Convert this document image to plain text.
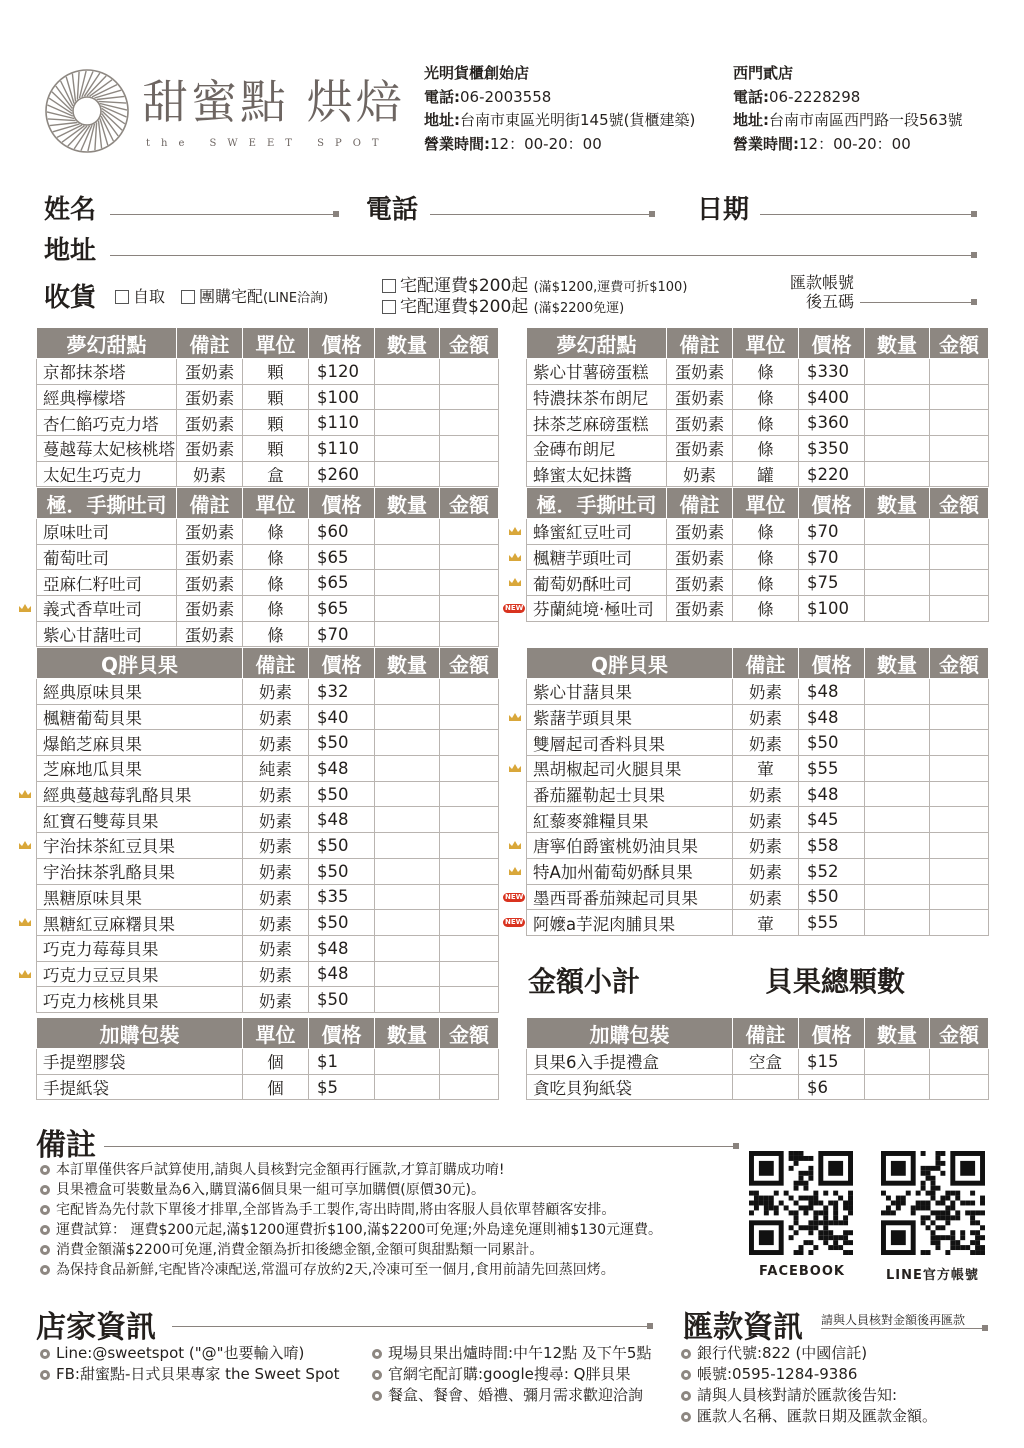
甜蜜點 烘焙
the SWEET SPOT
光明貨櫃創始店
電話:06-2003558
地址:台南市東區光明街145號(貨櫃建築)
營業時間:12：00-20：00
西門貳店
電話:06-2228298
地址:台南市南區西門路一段563號
營業時間:12：00-20：00
姓名	電話	日期
地址
收貨	自取	團購宅配(LINE洽詢)
宅配運費$200起 (滿$1200,運費可折$100)
宅配運費$200起 (滿$2200免運)
匯款帳號
後五碼
夢幻甜點	備註	單位	價格	數量	金額
京都抹茶塔	蛋奶素	顆	$120		
經典檸檬塔	蛋奶素	顆	$100		
杏仁餡巧克力塔	蛋奶素	顆	$110		
蔓越莓太妃核桃塔	蛋奶素	顆	$110		
太妃生巧克力	奶素	盒	$260		
極．手撕吐司	備註	單位	價格	數量	金額
原味吐司	蛋奶素	條	$60		
葡萄吐司	蛋奶素	條	$65		
亞麻仁籽吐司	蛋奶素	條	$65		

義式香草吐司	蛋奶素	條	$65		
紫心甘藷吐司	蛋奶素	條	$70		
Q胖貝果	備註	價格	數量	金額
經典原味貝果	奶素	$32		
楓糖葡萄貝果	奶素	$40		
爆餡芝麻貝果	奶素	$50		
芝麻地瓜貝果	純素	$48		

經典蔓越莓乳酪貝果	奶素	$50		
紅寶石雙莓貝果	奶素	$48		

宇治抹茶紅豆貝果	奶素	$50		
宇治抹茶乳酪貝果	奶素	$50		
黑糖原味貝果	奶素	$35		

黑糖紅豆麻糬貝果	奶素	$50		
巧克力莓莓貝果	奶素	$48		

巧克力豆豆貝果	奶素	$48		
巧克力核桃貝果	奶素	$50		
加購包裝	單位	價格	數量	金額
手提塑膠袋	個	$1		
手提紙袋	個	$5		
夢幻甜點	備註	單位	價格	數量	金額
紫心甘薯磅蛋糕	蛋奶素	條	$330		
特濃抹茶布朗尼	蛋奶素	條	$400		
抹茶芝麻磅蛋糕	蛋奶素	條	$360		
金磚布朗尼	蛋奶素	條	$350		
蜂蜜太妃抹醬	奶素	罐	$220		
極．手撕吐司	備註	單位	價格	數量	金額

蜂蜜紅豆吐司	蛋奶素	條	$70		

楓糖芋頭吐司	蛋奶素	條	$70		

葡萄奶酥吐司	蛋奶素	條	$75		

NEW 芬蘭純境·極吐司	蛋奶素	條	$100		
Q胖貝果	備註	價格	數量	金額
紫心甘藷貝果	奶素	$48		

紫藷芋頭貝果	奶素	$48		
雙層起司香料貝果	奶素	$50		

黑胡椒起司火腿貝果	葷	$55		
番茄羅勒起士貝果	奶素	$48		
紅藜麥雜糧貝果	奶素	$45		

唐寧伯爵蜜桃奶油貝果	奶素	$58		

特A加州葡萄奶酥貝果	奶素	$52		

NEW 墨西哥番茄辣起司貝果	奶素	$50		

NEW 阿嬤a芋泥肉脯貝果	葷	$55		
加購包裝	備註	價格	數量	金額
貝果6入手提禮盒	空盒	$15		
貪吃貝狗紙袋		$6		
金額小計	貝果總顆數
備註
本訂單僅供客戶試算使用,請與人員核對完金額再行匯款,才算訂購成功唷!
貝果禮盒可裝數量為6入,購買滿6個貝果一組可享加購價(原價30元)。
宅配皆為先付款下單後才排單,全部皆為手工製作,寄出時間,將由客服人員依單替顧客安排。
運費試算： 運費$200元起,滿$1200運費折$100,滿$2200可免運;外島達免運則補$130元運費。
消費金額滿$2200可免運,消費金額為折扣後總金額,金額可與甜點類一同累計。
為保持食品新鮮,宅配皆冷凍配送,常溫可存放約2天,冷凍可至一個月,食用前請先回蒸回烤。	FACEBOOK	LINE官方帳號
店家資訊
Line:@sweetspot ("@"也要輸入唷)
FB:甜蜜點-日式貝果專家 the Sweet Spot
現場貝果出爐時間:中午12點 及下午5點
官網宅配訂購:google搜尋: Q胖貝果
餐盒、餐會、婚禮、彌月需求歡迎洽詢
匯款資訊 請與人員核對金額後再匯款
銀行代號:822 (中國信託)
帳號:0595-1284-9386
請與人員核對請於匯款後告知:
匯款人名稱、匯款日期及匯款金額。
